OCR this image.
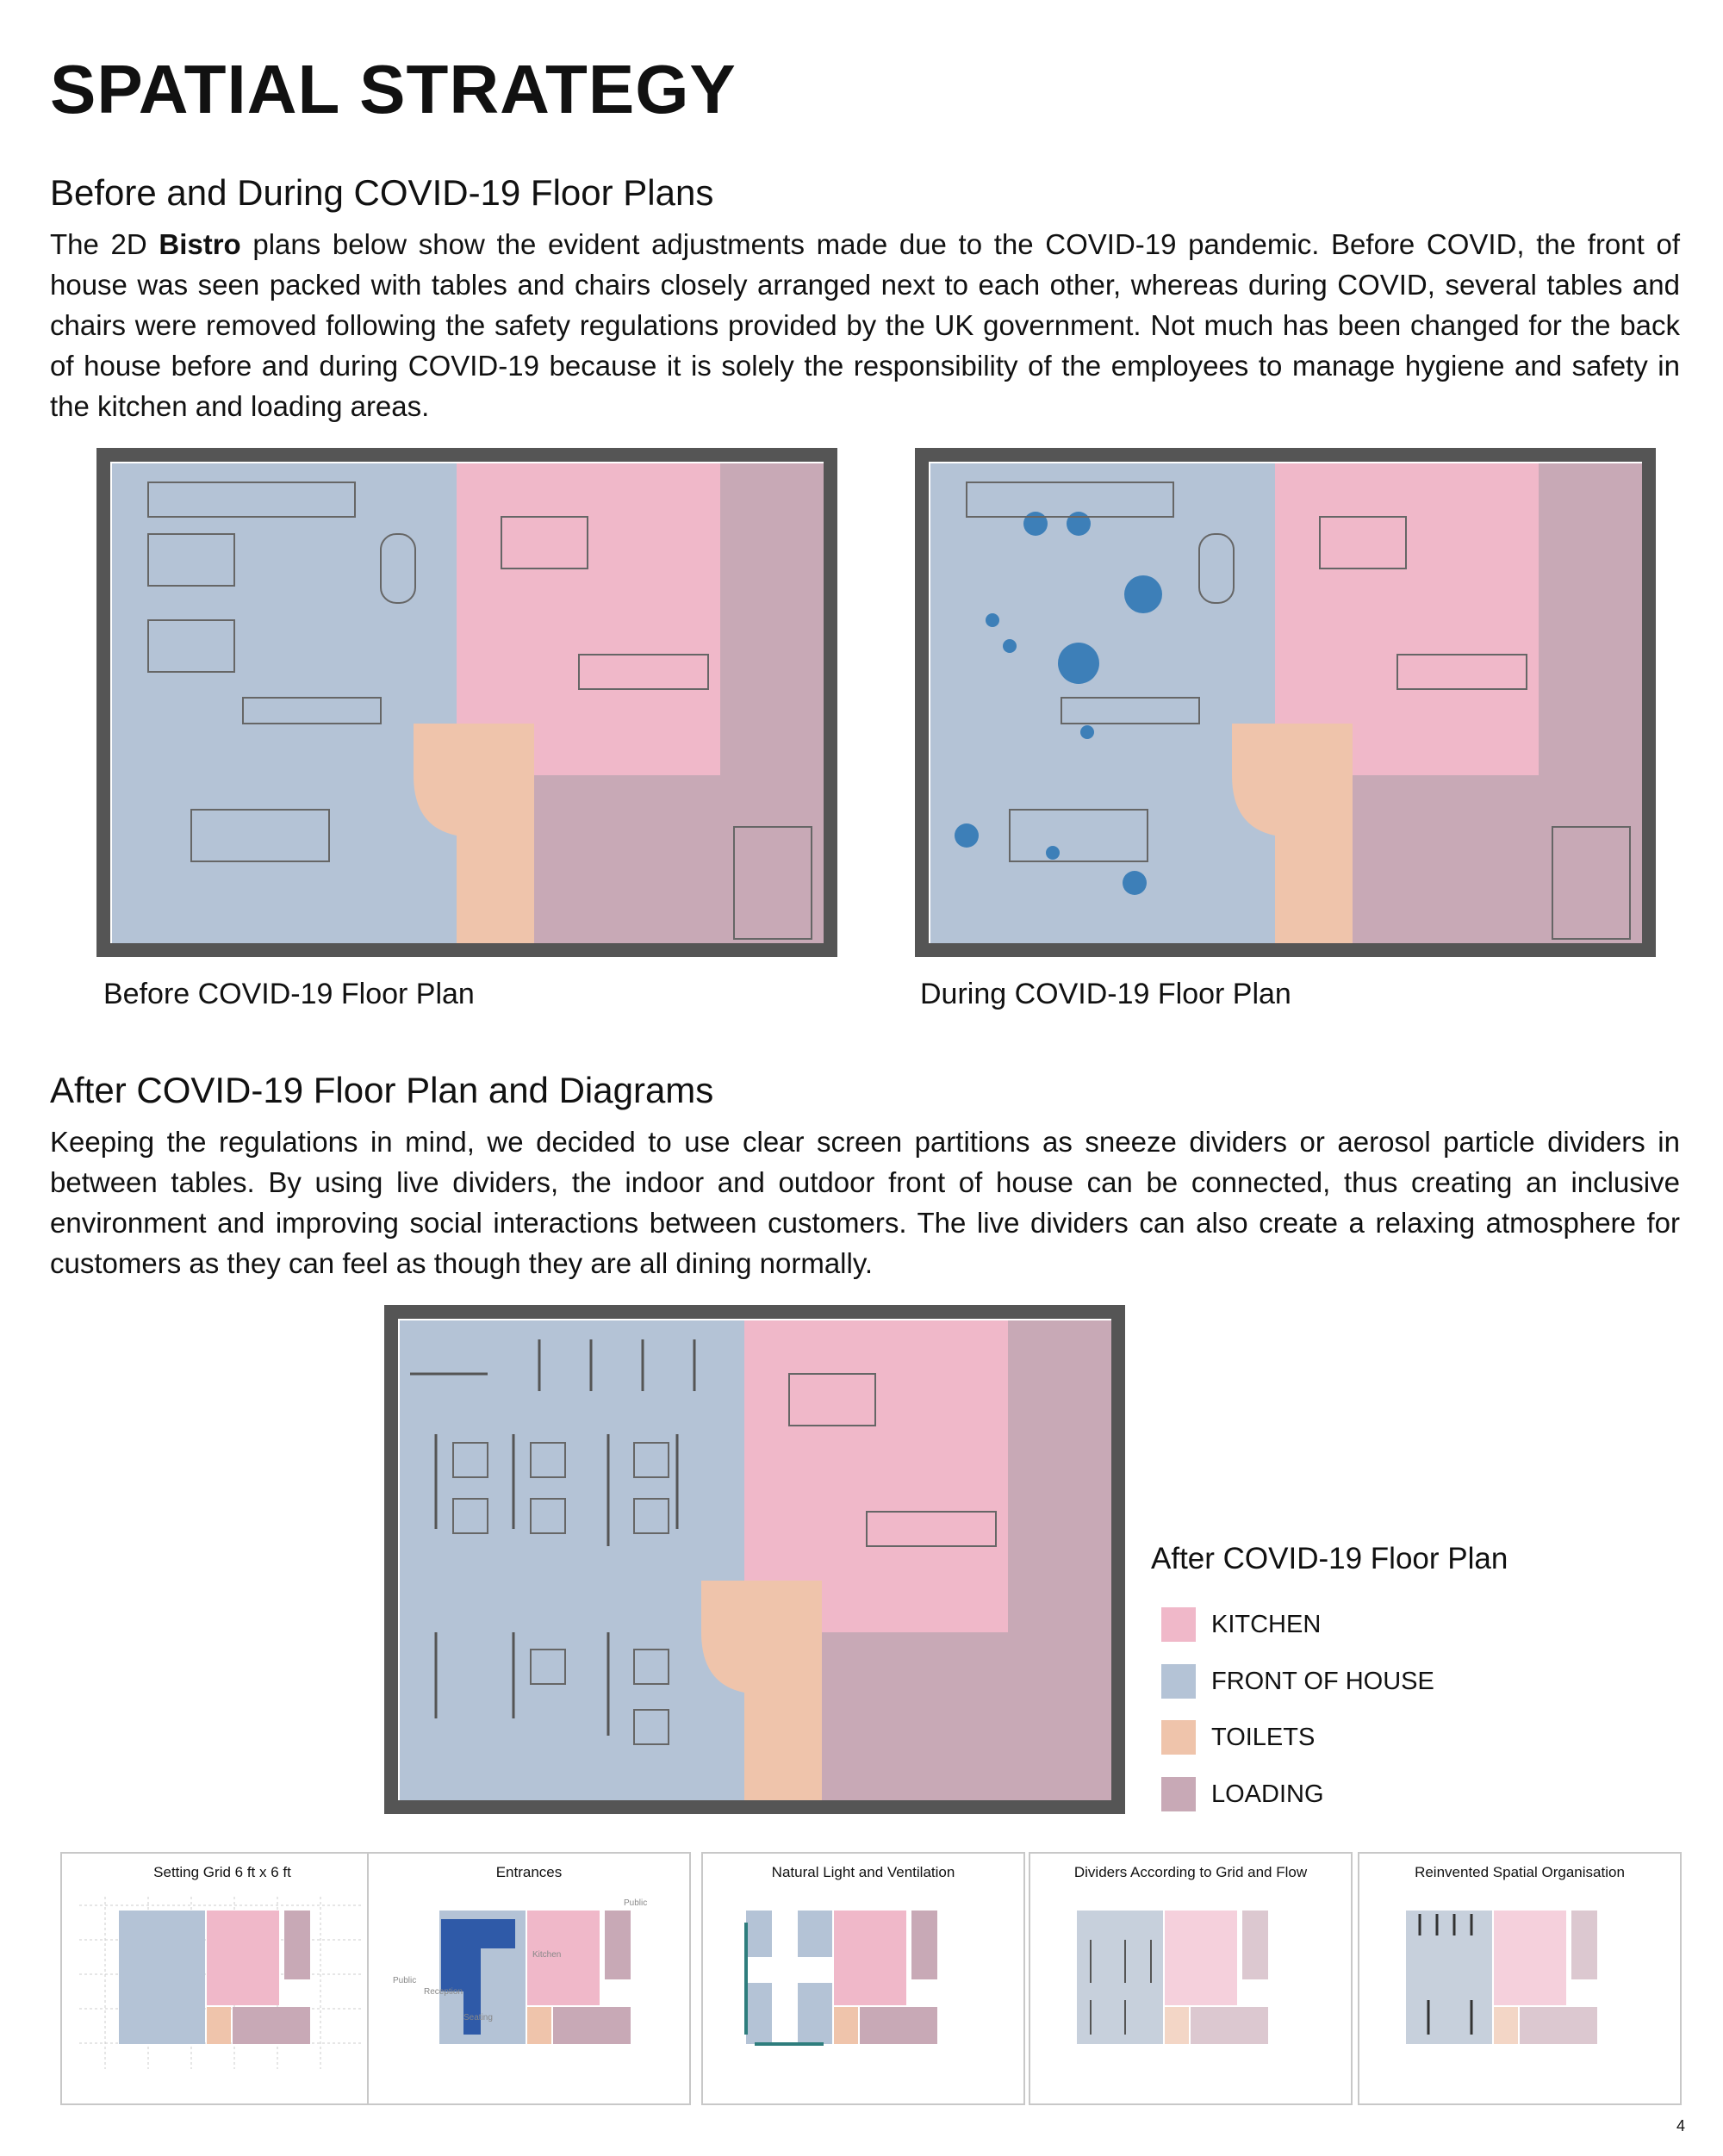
SPATIAL STRATEGY
Before and During COVID-19 Floor Plans

The 2D Bistro plans below show the evident adjustments made due to the COVID-19 pandemic. Before COVID, the front of house was seen packed with tables and chairs closely arranged next to each other, whereas during COVID, several tables and chairs were removed following the safety regulations provided by the UK government. Not much has been changed for the back of house before and during COVID-19 because it is solely the responsibility of the employees to manage hygiene and safety in the kitchen and loading areas.

Before COVID-19 Floor Plan	During COVID-19 Floor Plan
After COVID-19 Floor Plan and Diagrams

Keeping the regulations in mind, we decided to use clear screen partitions as sneeze dividers or aerosol particle dividers in between tables. By using live dividers, the indoor and outdoor front of house can be connected, thus creating an inclusive environment and improving social interactions between customers. The live dividers can also create a relaxing atmosphere for customers as they can feel as though they are all dining normally.

After COVID-19 Floor Plan
KITCHEN
FRONT OF HOUSE
TOILETS
LOADING
Setting Grid 6 ft x 6 ft	Entrances
Kitchen
Public
Reception
Seating
Public
Natural Light and Ventilation	Dividers According to Grid and Flow	Reinvented Spatial Organisation
4
